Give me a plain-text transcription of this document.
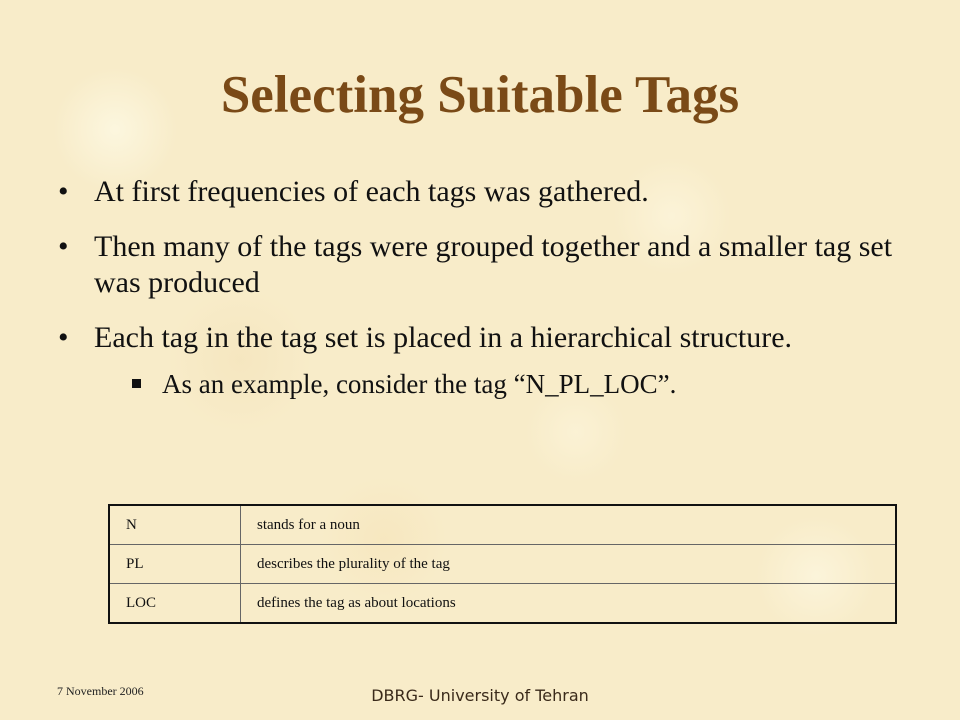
Selecting Suitable Tags
• At first frequencies of each tags was gathered.
• Then many of the tags were grouped together and a smaller tag set was produced
• Each tag in the tag set is placed in a hierarchical structure.
As an example, consider the tag “N_PL_LOC”.
N	stands for a noun
PL	describes the plurality of the tag
LOC	defines the tag as about locations
7 November 2006	DBRG- University of Tehran
